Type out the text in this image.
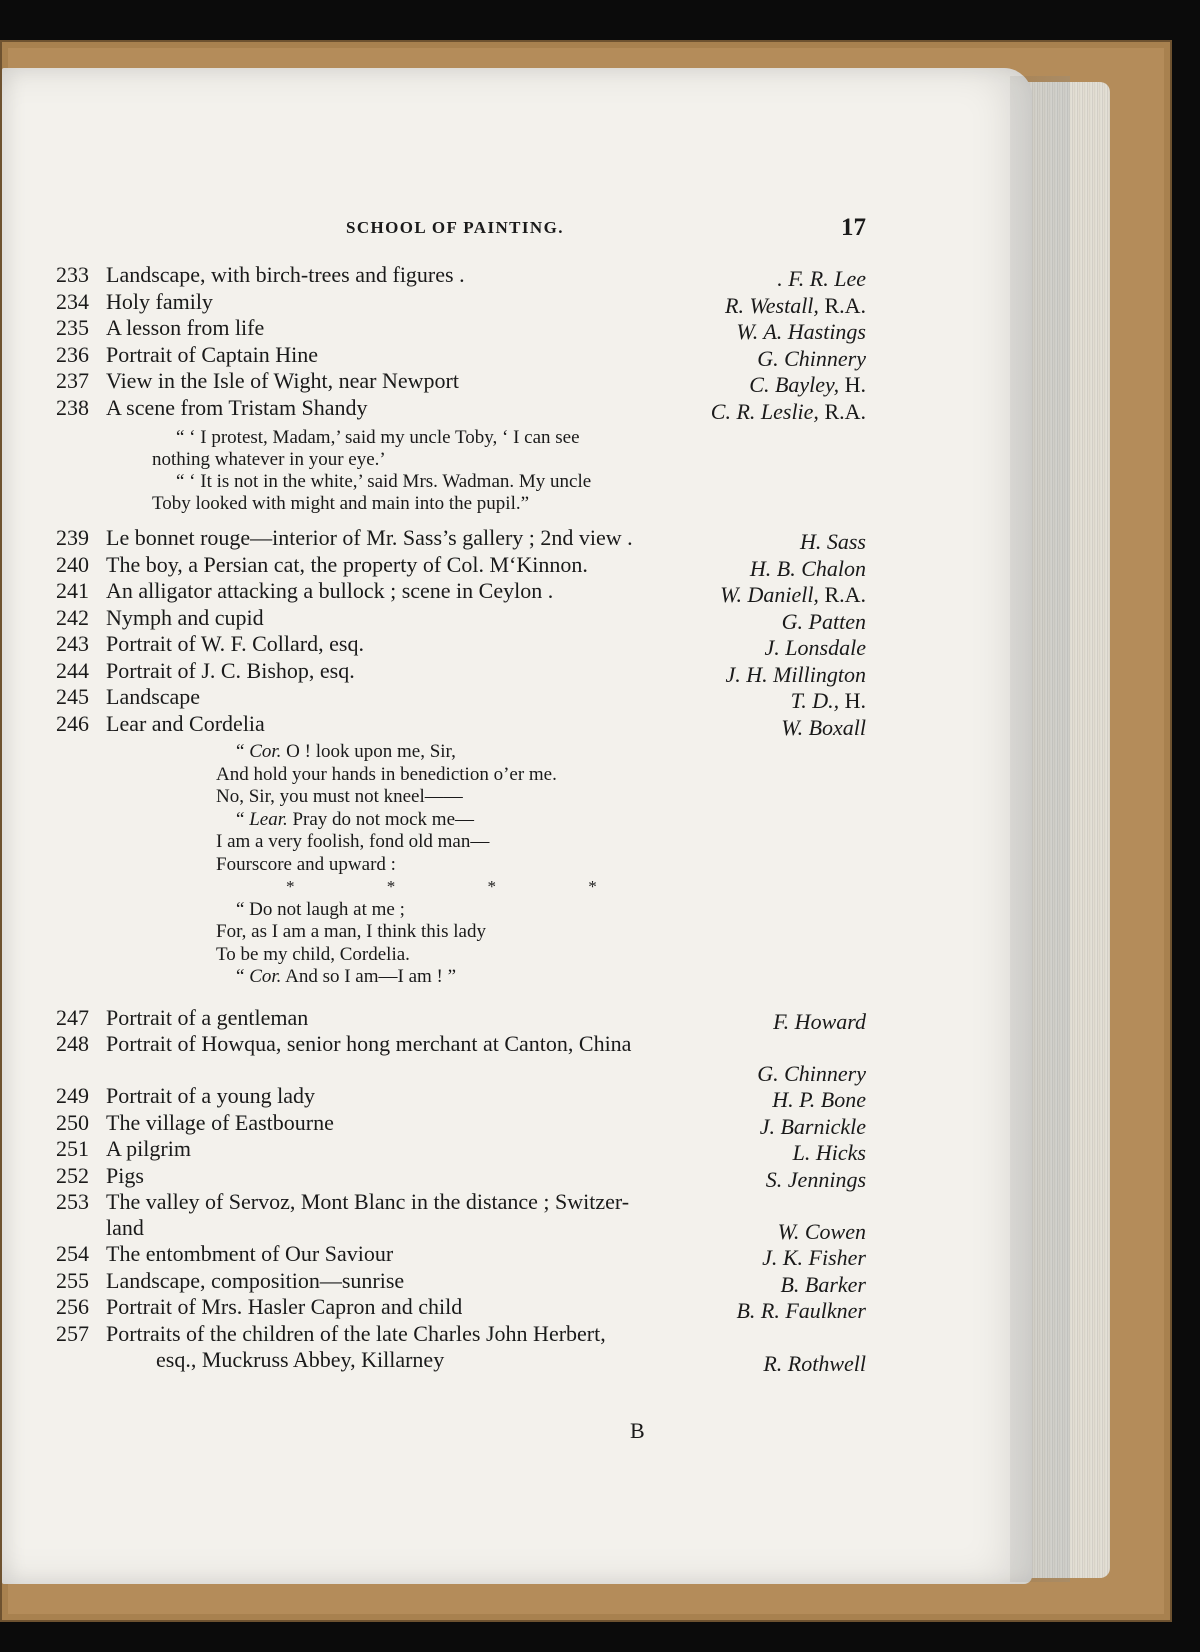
SCHOOL OF PAINTING.	17
233 Landscape, with birch-trees and figures .	. F. R. Lee
234 Holy family	R. Westall, R.A.
235 A lesson from life	W. A. Hastings
236 Portrait of Captain Hine	G. Chinnery
237 View in the Isle of Wight, near Newport	C. Bayley, H.
238 A scene from Tristam Shandy	C. R. Leslie, R.A.

“ ‘ I protest, Madam,’ said my uncle Toby, ‘ I can see

nothing whatever in your eye.’

“ ‘ It is not in the white,’ said Mrs. Wadman. My uncle

Toby looked with might and main into the pupil.”

239 Le bonnet rouge—interior of Mr. Sass’s gallery ; 2nd view .	H. Sass
240 The boy, a Persian cat, the property of Col. M‘Kinnon.	H. B. Chalon
241 An alligator attacking a bullock ; scene in Ceylon .	W. Daniell, R.A.
242 Nymph and cupid	G. Patten
243 Portrait of W. F. Collard, esq.	J. Lonsdale
244 Portrait of J. C. Bishop, esq.	J. H. Millington
245 Landscape	T. D., H.
246 Lear and Cordelia	W. Boxall

“ Cor. O ! look upon me, Sir,

And hold your hands in benediction o’er me.

No, Sir, you must not kneel——

“ Lear. Pray do not mock me—

I am a very foolish, fond old man—

Fourscore and upward :

* * * *

“ Do not laugh at me ;

For, as I am a man, I think this lady

To be my child, Cordelia.

“ Cor. And so I am—I am ! ”

247 Portrait of a gentleman	F. Howard
248 Portrait of Howqua, senior hong merchant at Canton, China
G. Chinnery
249 Portrait of a young lady	H. P. Bone
250 The village of Eastbourne	J. Barnickle
251 A pilgrim	L. Hicks
252 Pigs	S. Jennings
253 The valley of Servoz, Mont Blanc in the distance ; Switzer-
land	W. Cowen
254 The entombment of Our Saviour	J. K. Fisher
255 Landscape, composition—sunrise	B. Barker
256 Portrait of Mrs. Hasler Capron and child	B. R. Faulkner
257 Portraits of the children of the late Charles John Herbert,
esq., Muckruss Abbey, Killarney	R. Rothwell
B
